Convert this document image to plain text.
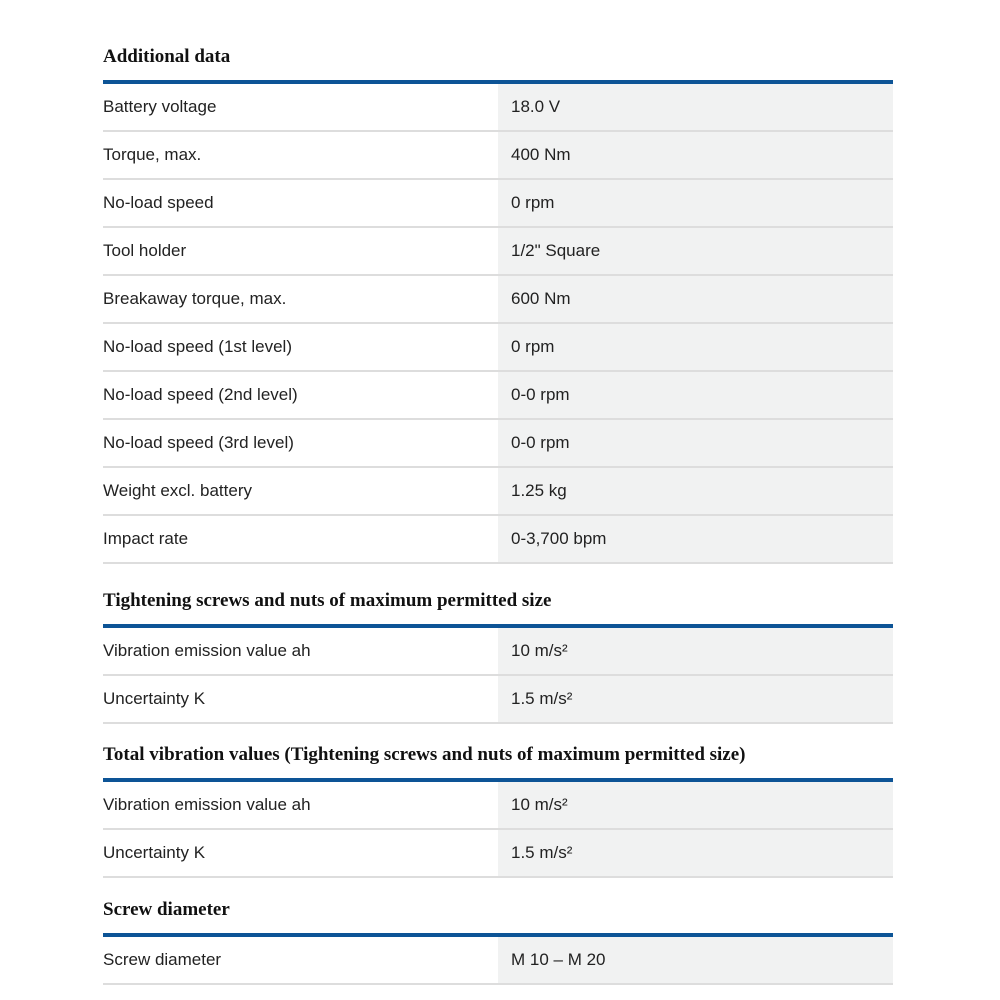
Additional data
Battery voltage	18.0 V
Torque, max.	400 Nm
No-load speed	0 rpm
Tool holder	1/2" Square
Breakaway torque, max.	600 Nm
No-load speed (1st level)	0 rpm
No-load speed (2nd level)	0-0 rpm
No-load speed (3rd level)	0-0 rpm
Weight excl. battery	1.25 kg
Impact rate	0-3,700 bpm
Tightening screws and nuts of maximum permitted size
Vibration emission value ah	10 m/s²
Uncertainty K	1.5 m/s²
Total vibration values (Tightening screws and nuts of maximum permitted size)
Vibration emission value ah	10 m/s²
Uncertainty K	1.5 m/s²
Screw diameter
Screw diameter	M 10 – M 20
